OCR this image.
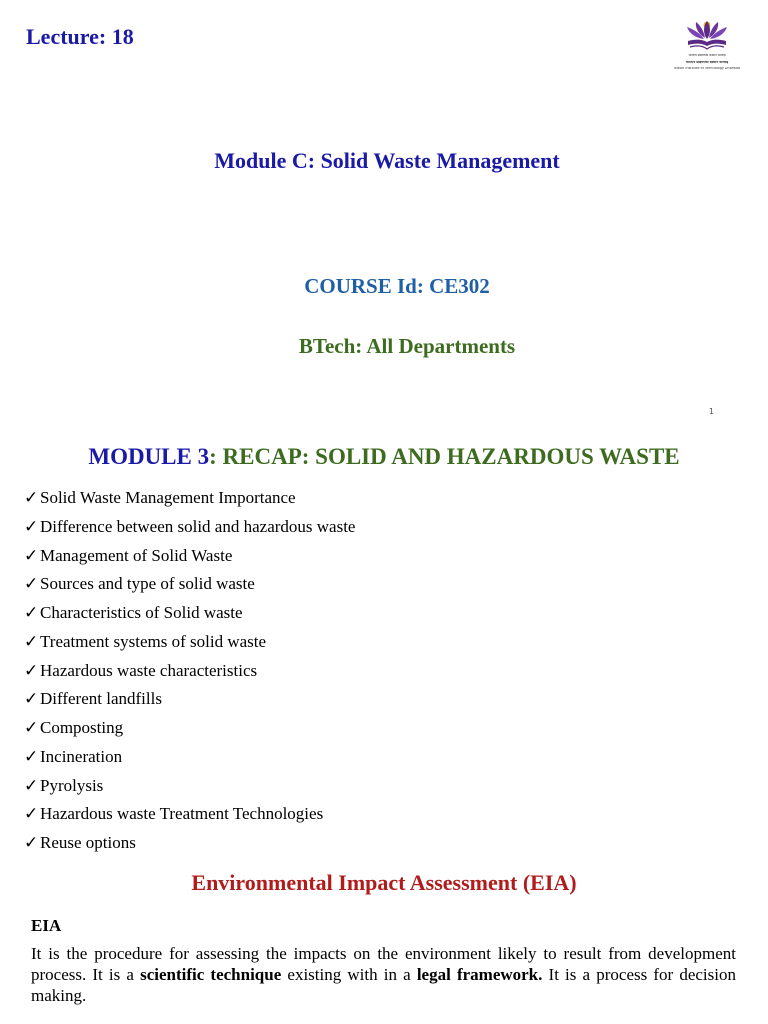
Lecture: 18
भारतीय प्रौद्योगिकी संस्थान धारवाड़
भारतीय प्रौद्योगिकी संस्थान धारवाड़
Indian Institute of Technology Dharwad
Module C: Solid Waste Management
COURSE Id: CE302
BTech: All Departments
1
MODULE 3: RECAP: SOLID AND HAZARDOUS WASTE
✓ Solid Waste Management Importance
✓ Difference between solid and hazardous waste
✓ Management of Solid Waste
✓ Sources and type of solid waste
✓ Characteristics of Solid waste
✓ Treatment systems of solid waste
✓ Hazardous waste characteristics
✓ Different landfills
✓ Composting
✓ Incineration
✓ Pyrolysis
✓ Hazardous waste Treatment Technologies
✓ Reuse options
Environmental Impact Assessment (EIA)
EIA

It is the procedure for assessing the impacts on the environment likely to result from development process. It is a scientific technique existing with in a legal framework. It is a process for decision making.
